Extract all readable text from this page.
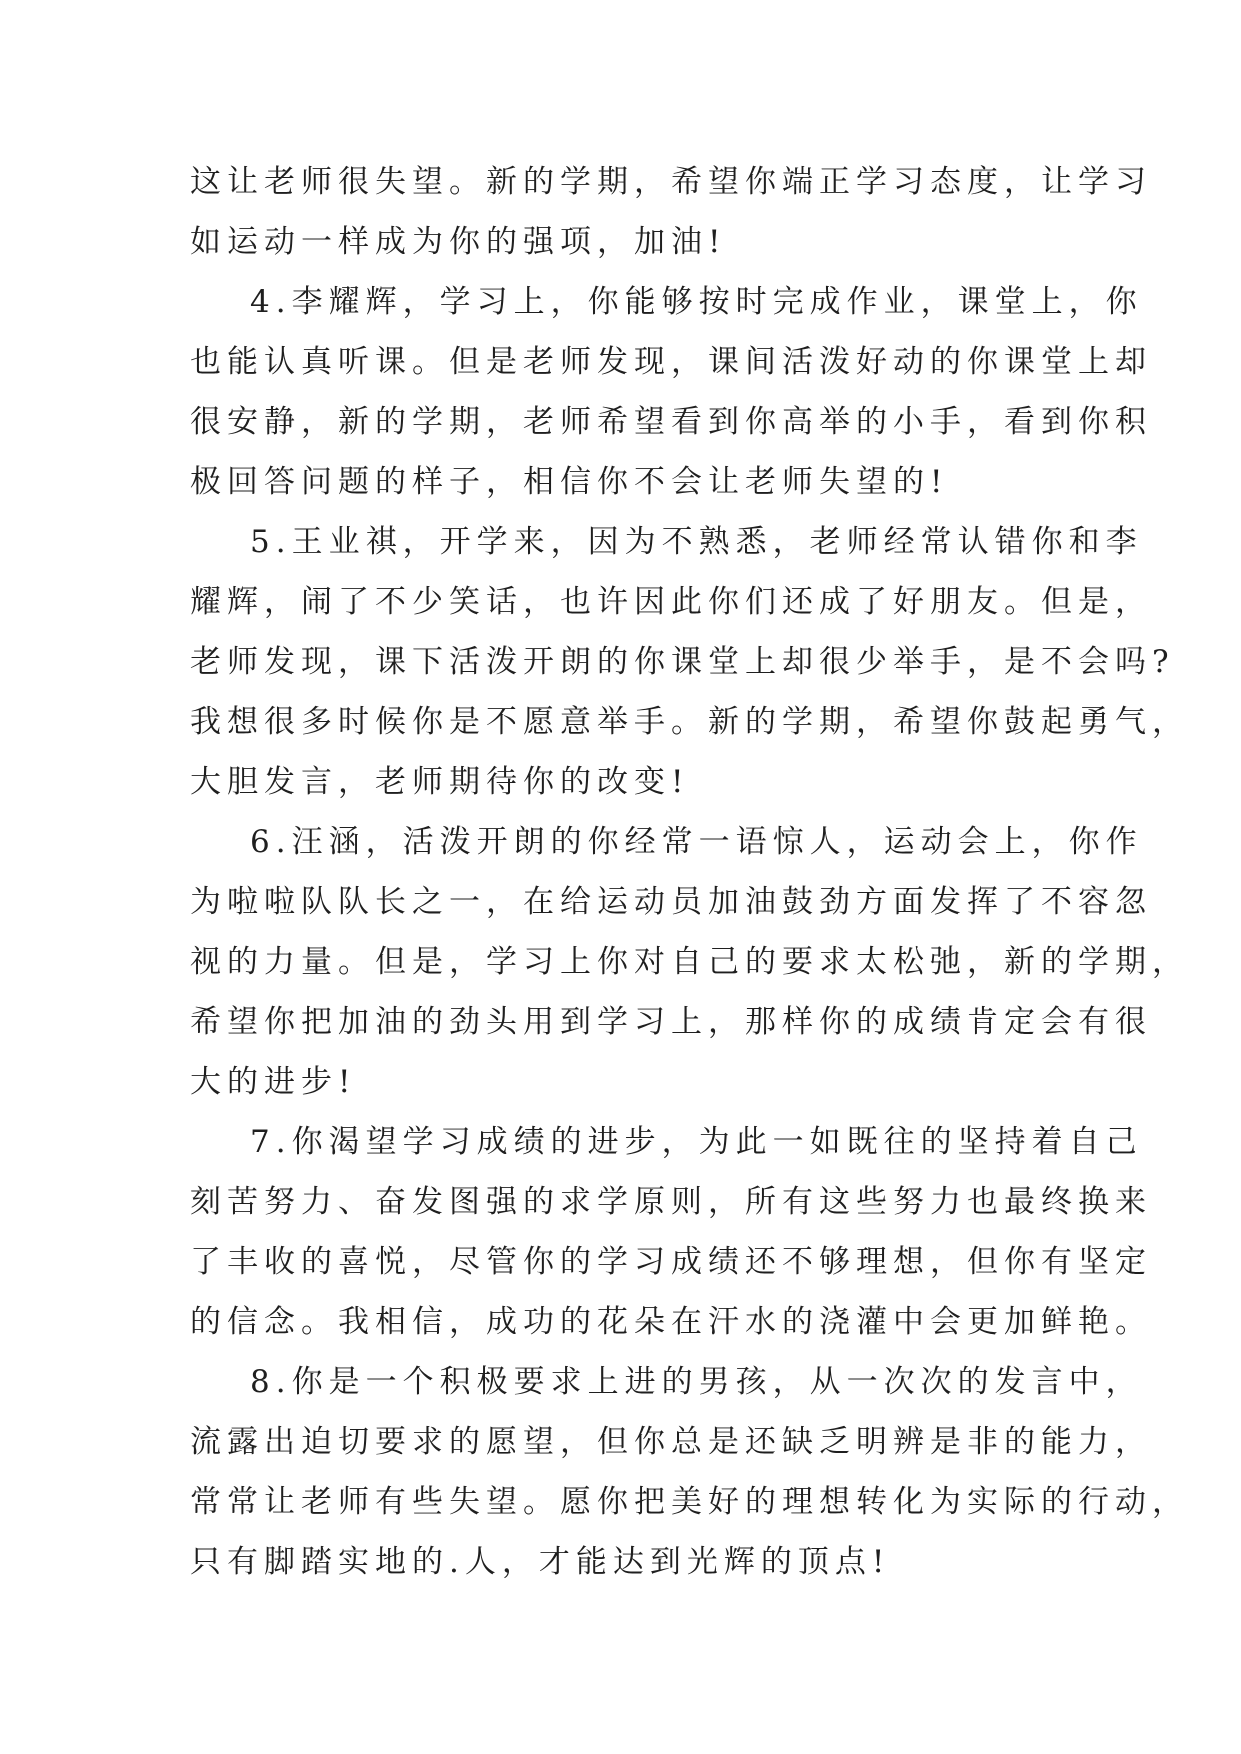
这让老师很失望。新的学期，希望你端正学习态度，让学习
如运动一样成为你的强项，加油!
4.李耀辉，学习上，你能够按时完成作业，课堂上，你
也能认真听课。但是老师发现，课间活泼好动的你课堂上却
很安静，新的学期，老师希望看到你高举的小手，看到你积
极回答问题的样子，相信你不会让老师失望的!
5.王业祺，开学来，因为不熟悉，老师经常认错你和李
耀辉，闹了不少笑话，也许因此你们还成了好朋友。但是，
老师发现，课下活泼开朗的你课堂上却很少举手，是不会吗?
我想很多时候你是不愿意举手。新的学期，希望你鼓起勇气，
大胆发言，老师期待你的改变!
6.汪涵，活泼开朗的你经常一语惊人，运动会上，你作
为啦啦队队长之一，在给运动员加油鼓劲方面发挥了不容忽
视的力量。但是，学习上你对自己的要求太松弛，新的学期，
希望你把加油的劲头用到学习上，那样你的成绩肯定会有很
大的进步!
7.你渴望学习成绩的进步，为此一如既往的坚持着自己
刻苦努力、奋发图强的求学原则，所有这些努力也最终换来
了丰收的喜悦，尽管你的学习成绩还不够理想，但你有坚定
的信念。我相信，成功的花朵在汗水的浇灌中会更加鲜艳。
8.你是一个积极要求上进的男孩，从一次次的发言中，
流露出迫切要求的愿望，但你总是还缺乏明辨是非的能力，
常常让老师有些失望。愿你把美好的理想转化为实际的行动，
只有脚踏实地的.人，才能达到光辉的顶点!
